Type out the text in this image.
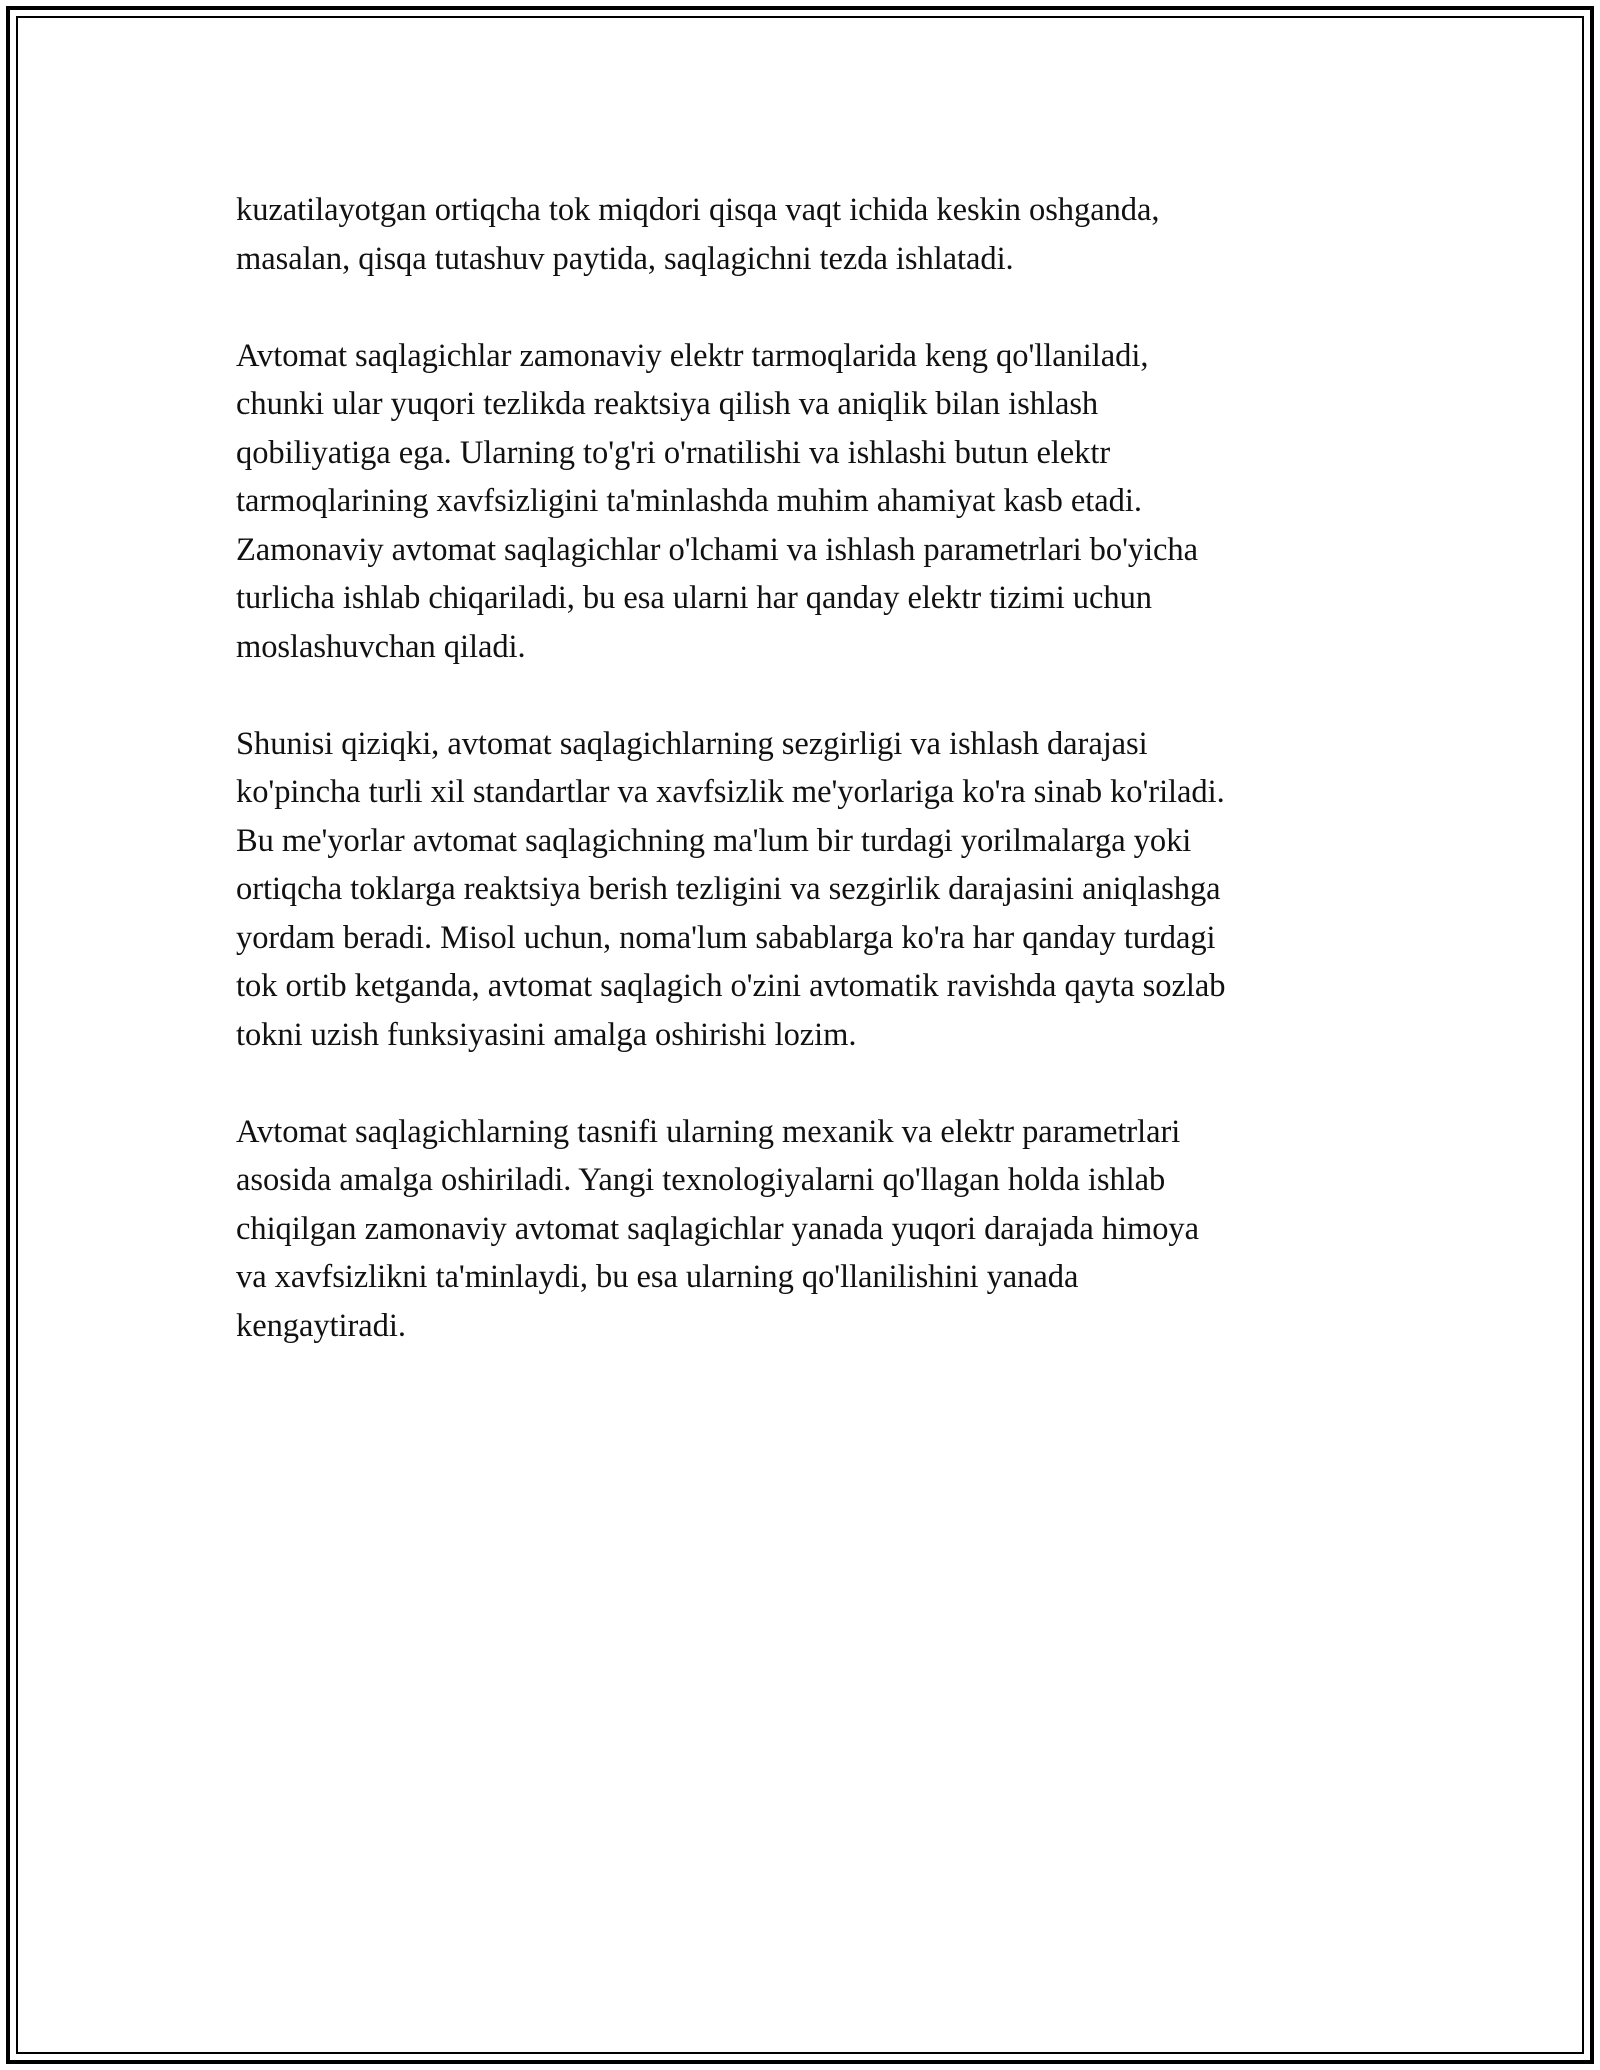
kuzatilayotgan ortiqcha tok miqdori qisqa vaqt ichida keskin oshganda,
masalan, qisqa tutashuv paytida, saqlagichni tezda ishlatadi.

Avtomat saqlagichlar zamonaviy elektr tarmoqlarida keng qo'llaniladi,
chunki ular yuqori tezlikda reaktsiya qilish va aniqlik bilan ishlash
qobiliyatiga ega. Ularning to'g'ri o'rnatilishi va ishlashi butun elektr
tarmoqlarining xavfsizligini ta'minlashda muhim ahamiyat kasb etadi.
Zamonaviy avtomat saqlagichlar o'lchami va ishlash parametrlari bo'yicha
turlicha ishlab chiqariladi, bu esa ularni har qanday elektr tizimi uchun
moslashuvchan qiladi.

Shunisi qiziqki, avtomat saqlagichlarning sezgirligi va ishlash darajasi
ko'pincha turli xil standartlar va xavfsizlik me'yorlariga ko'ra sinab ko'riladi.
Bu me'yorlar avtomat saqlagichning ma'lum bir turdagi yorilmalarga yoki
ortiqcha toklarga reaktsiya berish tezligini va sezgirlik darajasini aniqlashga
yordam beradi. Misol uchun, noma'lum sabablarga ko'ra har qanday turdagi
tok ortib ketganda, avtomat saqlagich o'zini avtomatik ravishda qayta sozlab
tokni uzish funksiyasini amalga oshirishi lozim.

Avtomat saqlagichlarning tasnifi ularning mexanik va elektr parametrlari
asosida amalga oshiriladi. Yangi texnologiyalarni qo'llagan holda ishlab
chiqilgan zamonaviy avtomat saqlagichlar yanada yuqori darajada himoya
va xavfsizlikni ta'minlaydi, bu esa ularning qo'llanilishini yanada
kengaytiradi.
